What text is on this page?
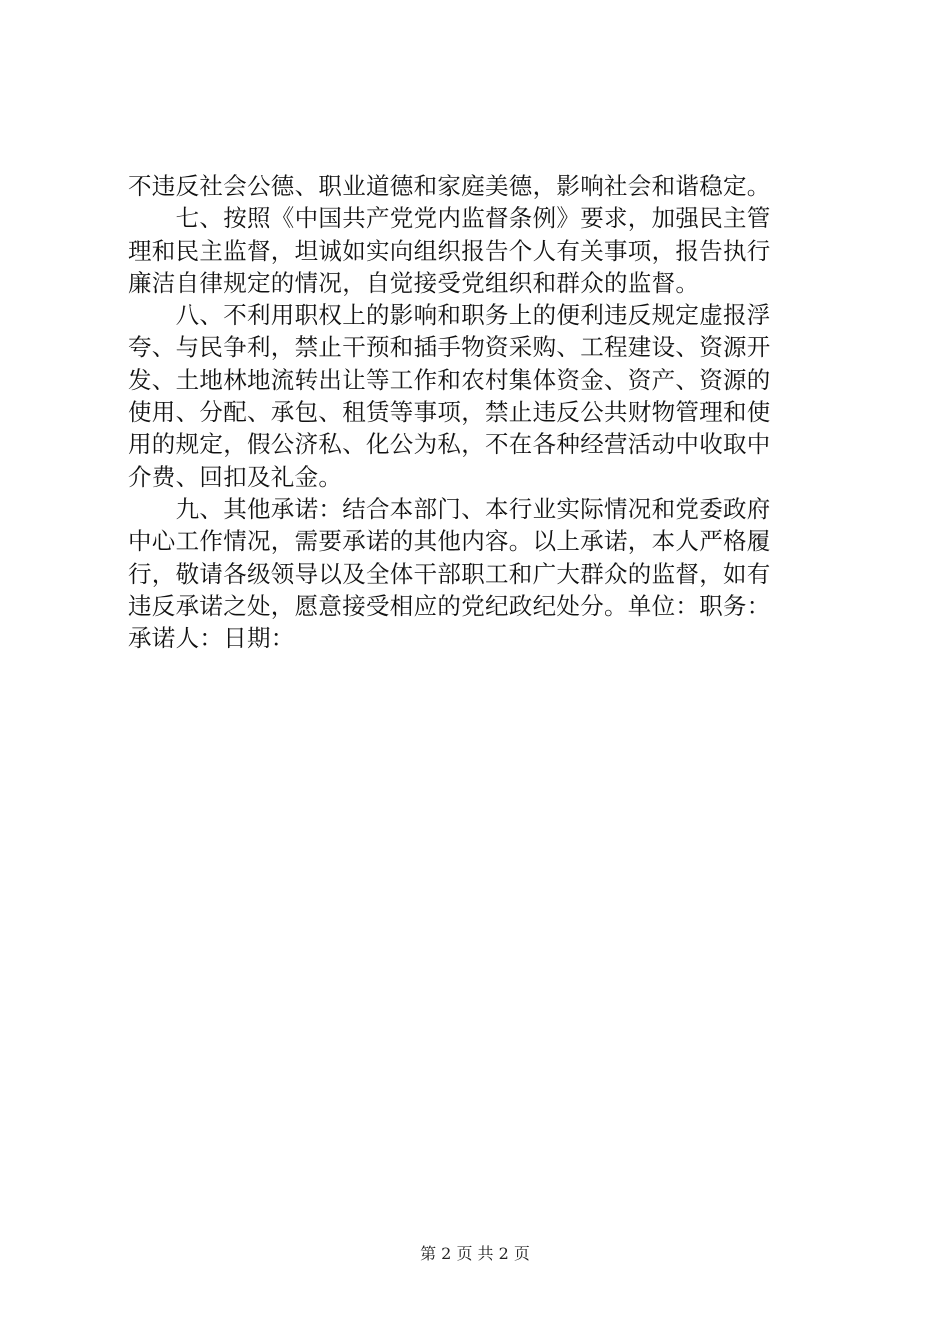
不违反社会公德、职业道德和家庭美德，影响社会和谐稳定。
　　七、按照《中国共产党党内监督条例》要求，加强民主管
理和民主监督，坦诚如实向组织报告个人有关事项，报告执行
廉洁自律规定的情况，自觉接受党组织和群众的监督。
　　八、不利用职权上的影响和职务上的便利违反规定虚报浮
夸、与民争利，禁止干预和插手物资采购、工程建设、资源开
发、土地林地流转出让等工作和农村集体资金、资产、资源的
使用、分配、承包、租赁等事项，禁止违反公共财物管理和使
用的规定，假公济私、化公为私，不在各种经营活动中收取中
介费、回扣及礼金。
　　九、其他承诺：结合本部门、本行业实际情况和党委政府
中心工作情况，需要承诺的其他内容。以上承诺，本人严格履
行，敬请各级领导以及全体干部职工和广大群众的监督，如有
违反承诺之处，愿意接受相应的党纪政纪处分。单位：职务：
承诺人：日期：
第 2 页 共 2 页
